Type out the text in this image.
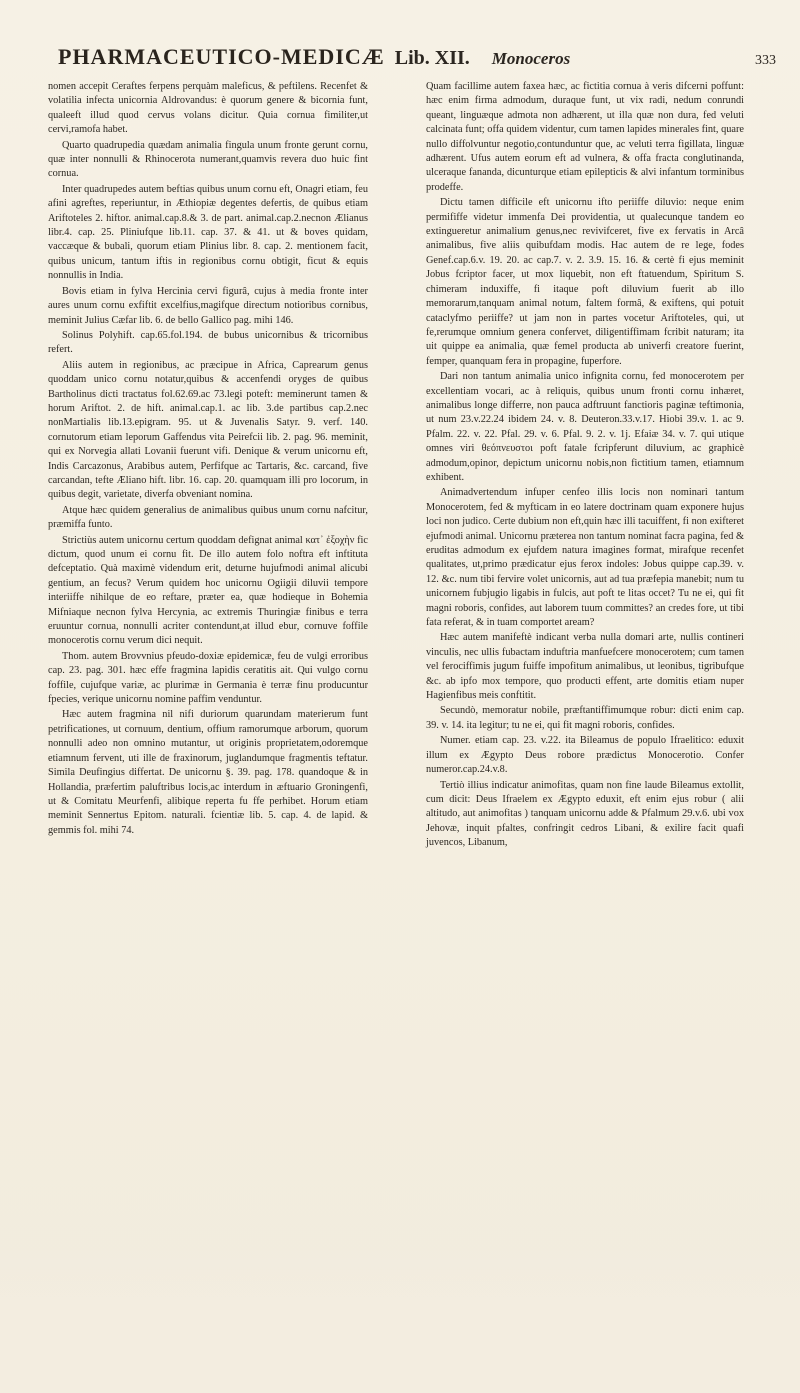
PHARMACEUTICO-MEDICÆ Lib. XII. Monoceros	333

nomen accepit Ceraftes ferpens perquàm maleficus, & peftilens. Recenfet & volatilia infecta unicornia Aldrovandus: è quorum genere & bicornia funt, qualeeft illud quod cervus volans dicitur. Quia cornua fimiliter,ut cervi,ramofa habet.

Quarto quadrupedia quædam animalia fingula unum fronte gerunt cornu, quæ inter nonnulli & Rhinocerota numerant,quamvis revera duo huic fint cornua.

Inter quadrupedes autem beftias quibus unum cornu eft, Onagri etiam, feu afini agreftes, reperiuntur, in Æthiopiæ degentes defertis, de quibus etiam Ariftoteles 2. hiftor. animal.cap.8.& 3. de part. animal.cap.2.necnon Ælianus libr.4. cap. 25. Pliniufque lib.11. cap. 37. & 41. ut & boves quidam, vaccæque & bubali, quorum etiam Plinius libr. 8. cap. 2. mentionem facit, quibus unicum, tantum iftis in regionibus cornu obtigit, ficut & equis nonnullis in India.

Bovis etiam in fylva Hercinia cervi figurâ, cujus à media fronte inter aures unum cornu exfiftit excelfius,magifque directum notioribus cornibus, meminit Julius Cæfar lib. 6. de bello Gallico pag. mihi 146.

Solinus Polyhift. cap.65.fol.194. de bubus unicornibus & tricornibus refert.

Aliis autem in regionibus, ac præcipue in Africa, Caprearum genus quoddam unico cornu notatur,quibus & accenfendi oryges de quibus Bartholinus dicti tractatus fol.62.69.ac 73.legi poteft: meminerunt tamen & horum Ariftot. 2. de hift. animal.cap.1. ac lib. 3.de partibus cap.2.nec nonMartialis lib.13.epigram. 95. ut & Juvenalis Satyr. 9. verf. 140. cornutorum etiam leporum Gaffendus vita Peirefcii lib. 2. pag. 96. meminit, qui ex Norvegia allati Lovanii fuerunt vifi. Denique & verum unicornu eft, Indis Carcazonus, Arabibus autem, Perfifque ac Tartaris, &c. carcand, five carcandan, tefte Æliano hift. libr. 16. cap. 20. quamquam illi pro locorum, in quibus degit, varietate, diverfa obveniant nomina.

Atque hæc quidem generalius de animalibus quibus unum cornu nafcitur, præmiffa funto.

Strictiùs autem unicornu certum quoddam defignat animal κατ᾽ ἐξοχὴν fic dictum, quod unum ei cornu fit. De illo autem folo noftra eft inftituta defceptatio. Quà maximè videndum erit, deturne hujufmodi animal alicubi gentium, an fecus? Verum quidem hoc unicornu Ogiigii diluvii tempore interiiffe nihilque de eo reftare, præter ea, quæ hodieque in Bohemia Mifniaque necnon fylva Hercynia, ac extremis Thuringiæ finibus e terra eruuntur cornua, nonnulli acriter contendunt,at illud ebur, cornuve foffile monocerotis cornu verum dici nequit.

Thom. autem Brovvnius pfeudo-doxiæ epidemicæ, feu de vulgi erroribus cap. 23. pag. 301. hæc effe fragmina lapidis ceratitis ait. Qui vulgo cornu foffile, cujufque variæ, ac plurimæ in Germania è terræ finu producuntur fpecies, verique unicornu nomine paffim venduntur.

Hæc autem fragmina nil nifi duriorum quarundam materierum funt petrificationes, ut cornuum, dentium, offium ramorumque arborum, quorum nonnulli adeo non omnino mutantur, ut originis proprietatem,odoremque etiamnum fervent, uti ille de fraxinorum, juglandumque fragmentis teftatur. Simila Deufingius differtat. De unicornu §. 39. pag. 178. quandoque & in Hollandia, præfertim paluftribus locis,ac interdum in æftuario Groningenfi, ut & Comitatu Meurfenfi, alibique reperta fu ffe perhibet. Horum etiam meminit Sennertus Epitom. naturali. fcientiæ lib. 5. cap. 4. de lapid. & gemmis fol. mihi 74.

Quam facillime autem faxea hæc, ac fictitia cornua à veris difcerni poffunt: hæc enim firma admodum, duraque funt, ut vix radi, nedum conrundi queant, linguæque admota non adhærent, ut illa quæ non dura, fed veluti calcinata funt; offa quidem videntur, cum tamen lapides minerales fint, quare nullo diffolvuntur negotio,contunduntur que, ac veluti terra figillata, linguæ adhærent. Ufus autem eorum eft ad vulnera, & offa fracta conglutinanda, ulceraque fananda, dicunturque etiam epilepticis & alvi infantum torminibus prodeffe.

Dictu tamen difficile eft unicornu ifto periiffe diluvio: neque enim permififfe videtur immenfa Dei providentia, ut qualecunque tandem eo extingueretur animalium genus,nec revivifceret, five ex fervatis in Arcâ animalibus, five aliis quibufdam modis. Hac autem de re lege, fodes Genef.cap.6.v. 19. 20. ac cap.7. v. 2. 3.9. 15. 16. & certè fi ejus meminit Jobus fcriptor facer, ut mox liquebit, non eft ftatuendum, Spiritum S. chimeram induxiffe, fi itaque poft diluvium fuerit ab illo memorarum,tanquam animal notum, faltem formâ, & exiftens, qui potuit cataclyfmo periiffe? ut jam non in partes vocetur Ariftoteles, qui, ut fe,rerumque omnium genera confervet, diligentiffimam fcribit naturam; ita uit quippe ea animalia, quæ femel producta ab univerfi creatore fuerint, femper, quanquam fera in propagine, fuperfore.

Dari non tantum animalia unico infignita cornu, fed monocerotem per excellentiam vocari, ac à reliquis, quibus unum fronti cornu inhæret, animalibus longe differre, non pauca adftruunt fanctioris paginæ teftimonia, ut num 23.v.22.24 ibidem 24. v. 8. Deuteron.33.v.17. Hiobi 39.v. 1. ac 9. Pfalm. 22. v. 22. Pfal. 29. v. 6. Pfal. 9. 2. v. 1j. Efaiæ 34. v. 7. qui utique omnes viri θεόπνευστοι poft fatale fcripferunt diluvium, ac graphicè admodum,opinor, depictum unicornu nobis,non fictitium tamen, etiamnum exhibent.

Animadvertendum infuper cenfeo illis locis non nominari tantum Monocerotem, fed & myfticam in eo latere doctrinam quam exponere hujus loci non judico. Certe dubium non eft,quin hæc illi tacuiffent, fi non exifteret ejufmodi animal. Unicornu præterea non tantum nominat facra pagina, fed & eruditas admodum ex ejufdem natura imagines format, mirafque recenfet qualitates, ut,primo prædicatur ejus ferox indoles: Jobus quippe cap.39. v. 12. &c. num tibi fervire volet unicornis, aut ad tua præfepia manebit; num tu unicornem fubjugio ligabis in fulcis, aut poft te litas occet? Tu ne ei, qui fit magni roboris, confides, aut laborem tuum committes? an credes fore, ut tibi fata referat, & in tuam comportet aream?

Hæc autem manifeftè indicant verba nulla domari arte, nullis contineri vinculis, nec ullis fubactam induftria manfuefcere monocerotem; cum tamen vel ferociffimis jugum fuiffe impofitum animalibus, ut leonibus, tigribufque &c. ab ipfo mox tempore, quo producti effent, arte domitis etiam nuper Hagienfibus meis conftitit.

Secundò, memoratur nobile, præftantiffimumque robur: dicti enim cap. 39. v. 14. ita legitur; tu ne ei, qui fit magni roboris, confides.

Numer. etiam cap. 23. v.22. ita Bileamus de populo Ifraelitico: eduxit illum ex Ægypto Deus robore prædictus Monocerotio. Confer numeror.cap.24.v.8.

Tertiò illius indicatur animofitas, quam non fine laude Bileamus extollit, cum dicit: Deus Ifraelem ex Ægypto eduxit, eft enim ejus robur ( alii altitudo, aut animofitas ) tanquam unicornu adde & Pfalmum 29.v.6. ubi vox Jehovæ, inquit pfaltes, confringit cedros Libani, & exilire facit quafi juvencos, Libanum,
